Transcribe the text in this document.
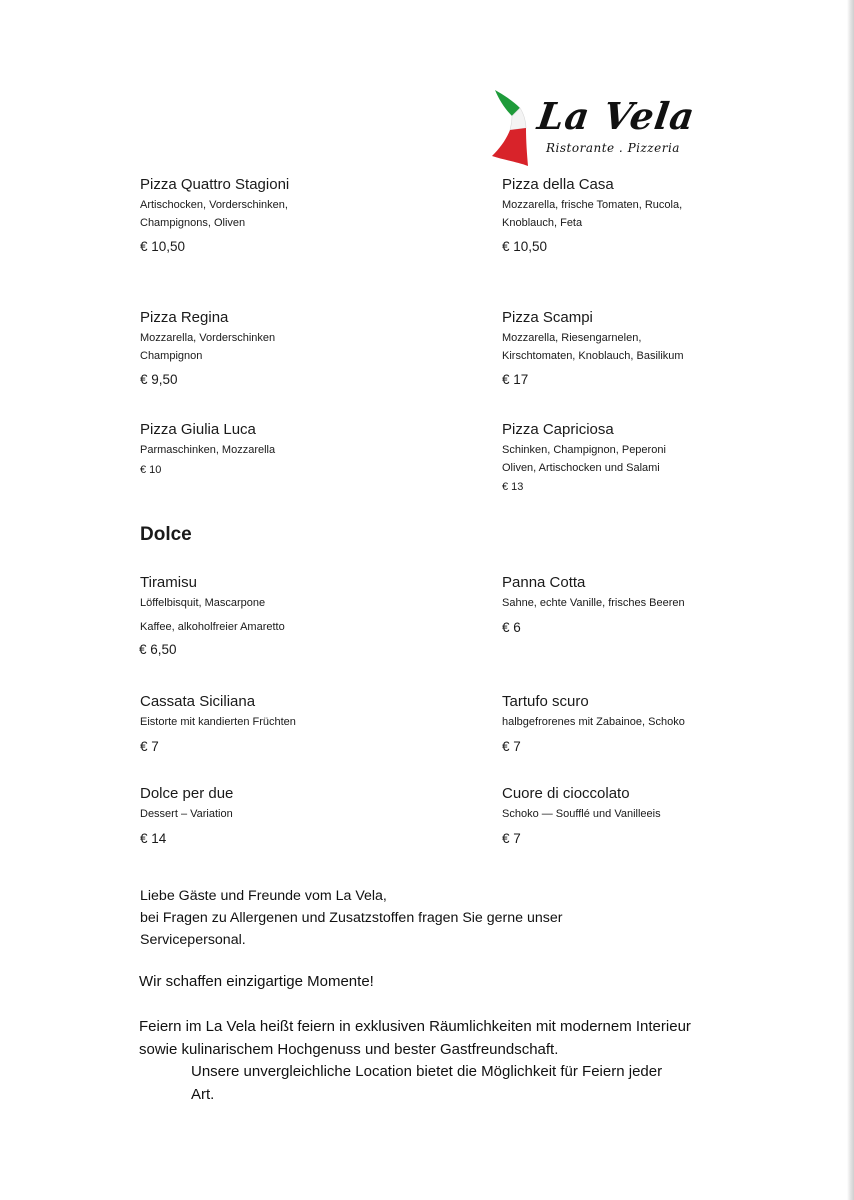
La Vela
Ristorante . Pizzeria
Pizza Quattro Stagioni
Artischocken, Vorderschinken, Champignons, Oliven
€ 10,50
Pizza della Casa
Mozzarella, frische Tomaten, Rucola, Knoblauch, Feta
€ 10,50
Pizza Regina
Mozzarella, Vorderschinken Champignon
€ 9,50
Pizza Scampi
Mozzarella, Riesengarnelen, Kirschtomaten, Knoblauch, Basilikum
€ 17
Pizza Giulia Luca
Parmaschinken, Mozzarella
€ 10
Pizza Capriciosa
Schinken, Champignon, Peperoni Oliven, Artischocken und Salami
€ 13
Dolce
Tiramisu
Löffelbisquit, Mascarpone
Kaffee, alkoholfreier Amaretto
€ 6,50
Panna Cotta
Sahne, echte Vanille, frisches Beeren
€ 6
Cassata Siciliana
Eistorte mit kandierten Früchten
€ 7
Tartufo scuro
halbgefrorenes mit Zabainoe, Schoko
€ 7
Dolce per due
Dessert – Variation
€ 14
Cuore di cioccolato
Schoko — Soufflé und Vanilleeis
€ 7
Liebe Gäste und Freunde vom La Vela,
bei Fragen zu Allergenen und Zusatzstoffen fragen Sie gerne unser
Servicepersonal.
Wir schaffen einzigartige Momente!
Feiern im La Vela heißt feiern in exklusiven Räumlichkeiten mit modernem Interieur
sowie kulinarischem Hochgenuss und bester Gastfreundschaft.
Unsere unvergleichliche Location bietet die Möglichkeit für Feiern jeder
Art.
